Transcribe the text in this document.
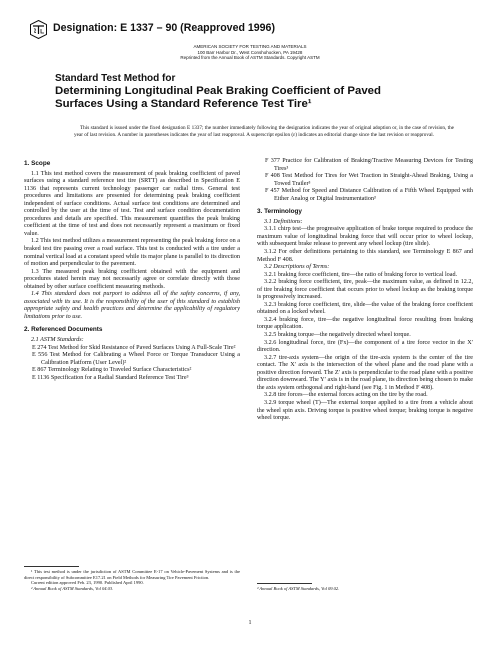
Designation: E 1337 – 90 (Reapproved 1996)
AMERICAN SOCIETY FOR TESTING AND MATERIALS
100 Barr Harbor Dr., West Conshohocken, PA 19428
Reprinted from the Annual Book of ASTM Standards. Copyright ASTM
Standard Test Method for
Determining Longitudinal Peak Braking Coefficient of Paved
Surfaces Using a Standard Reference Test Tire¹
This standard is issued under the fixed designation E 1337; the number immediately following the designation indicates the year of original adoption or, in the case of revision, the year of last revision. A number in parentheses indicates the year of last reapproval. A superscript epsilon (ε) indicates an editorial change since the last revision or reapproval.
1. Scope

1.1 This test method covers the measurement of peak braking coefficient of paved surfaces using a standard reference test tire (SRTT) as described in Specification E 1136 that represents current technology passenger car radial tires. General test procedures and limitations are presented for determining peak braking coefficient independent of surface conditions. Actual surface test conditions are determined and controlled by the user at the time of test. Test and surface condition documentation procedures and details are specified. This measurement quantifies the peak braking coefficient at the time of test and does not necessarily represent a maximum or fixed value.

1.2 This test method utilizes a measurement representing the peak braking force on a braked test tire passing over a road surface. This test is conducted with a tire under a nominal vertical load at a constant speed while its major plane is parallel to its direction of motion and perpendicular to the pavement.

1.3 The measured peak braking coefficient obtained with the equipment and procedures stated herein may not necessarily agree or correlate directly with those obtained by other surface coefficient measuring methods.

1.4 This standard does not purport to address all of the safety concerns, if any, associated with its use. It is the responsibility of the user of this standard to establish appropriate safety and health practices and determine the applicability of regulatory limitations prior to use.

2. Referenced Documents

2.1 ASTM Standards:

E 274 Test Method for Skid Resistance of Paved Surfaces Using A Full-Scale Tire²

E 556 Test Method for Calibrating a Wheel Force or Torque Transducer Using a Calibration Platform (User Level)²

E 867 Terminology Relating to Traveled Surface Characteristics²

E 1136 Specification for a Radial Standard Reference Test Tire³

¹ This test method is under the jurisdiction of ASTM Committee E-17 on Vehicle-Pavement Systems and is the direct responsibility of Subcommittee E17.21 on Field Methods for Measuring Tire Pavement Friction.
Current edition approved Feb. 23, 1990. Published April 1990.
² Annual Book of ASTM Standards, Vol 04.03.

F 377 Practice for Calibration of Braking/Tractive Measuring Devices for Testing Tires³

F 408 Test Method for Tires for Wet Traction in Straight-Ahead Braking, Using a Towed Trailer³

F 457 Method for Speed and Distance Calibration of a Fifth Wheel Equipped with Either Analog or Digital Instrumentation³

3. Terminology

3.1 Definitions:

3.1.1 chirp test—the progressive application of brake torque required to produce the maximum value of longitudinal braking force that will occur prior to wheel lockup, with subsequent brake release to prevent any wheel lockup (tire slide).

3.1.2 For other definitions pertaining to this standard, see Terminology E 867 and Method F 408.

3.2 Descriptions of Terms:

3.2.1 braking force coefficient, tire—the ratio of braking force to vertical load.

3.2.2 braking force coefficient, tire, peak—the maximum value, as defined in 12.2, of tire braking force coefficient that occurs prior to wheel lockup as the braking torque is progressively increased.

3.2.3 braking force coefficient, tire, slide—the value of the braking force coefficient obtained on a locked wheel.

3.2.4 braking force, tire—the negative longitudinal force resulting from braking torque application.

3.2.5 braking torque—the negatively directed wheel torque.

3.2.6 longitudinal force, tire (Fx)—the component of a tire force vector in the X′ direction.

3.2.7 tire-axis system—the origin of the tire-axis system is the center of the tire contact. The X′ axis is the intersection of the wheel plane and the road plane with a positive direction forward. The Z′ axis is perpendicular to the road plane with a positive direction downward. The Y′ axis is in the road plane, its direction being chosen to make the axis system orthogonal and right-hand (see Fig. 1 in Method F 408).

3.2.8 tire forces—the external forces acting on the tire by the road.

3.2.9 torque wheel (T)—The external torque applied to a tire from a vehicle about the wheel spin axis. Driving torque is positive wheel torque; braking torque is negative wheel torque.

³ Annual Book of ASTM Standards, Vol 09.02.
1
